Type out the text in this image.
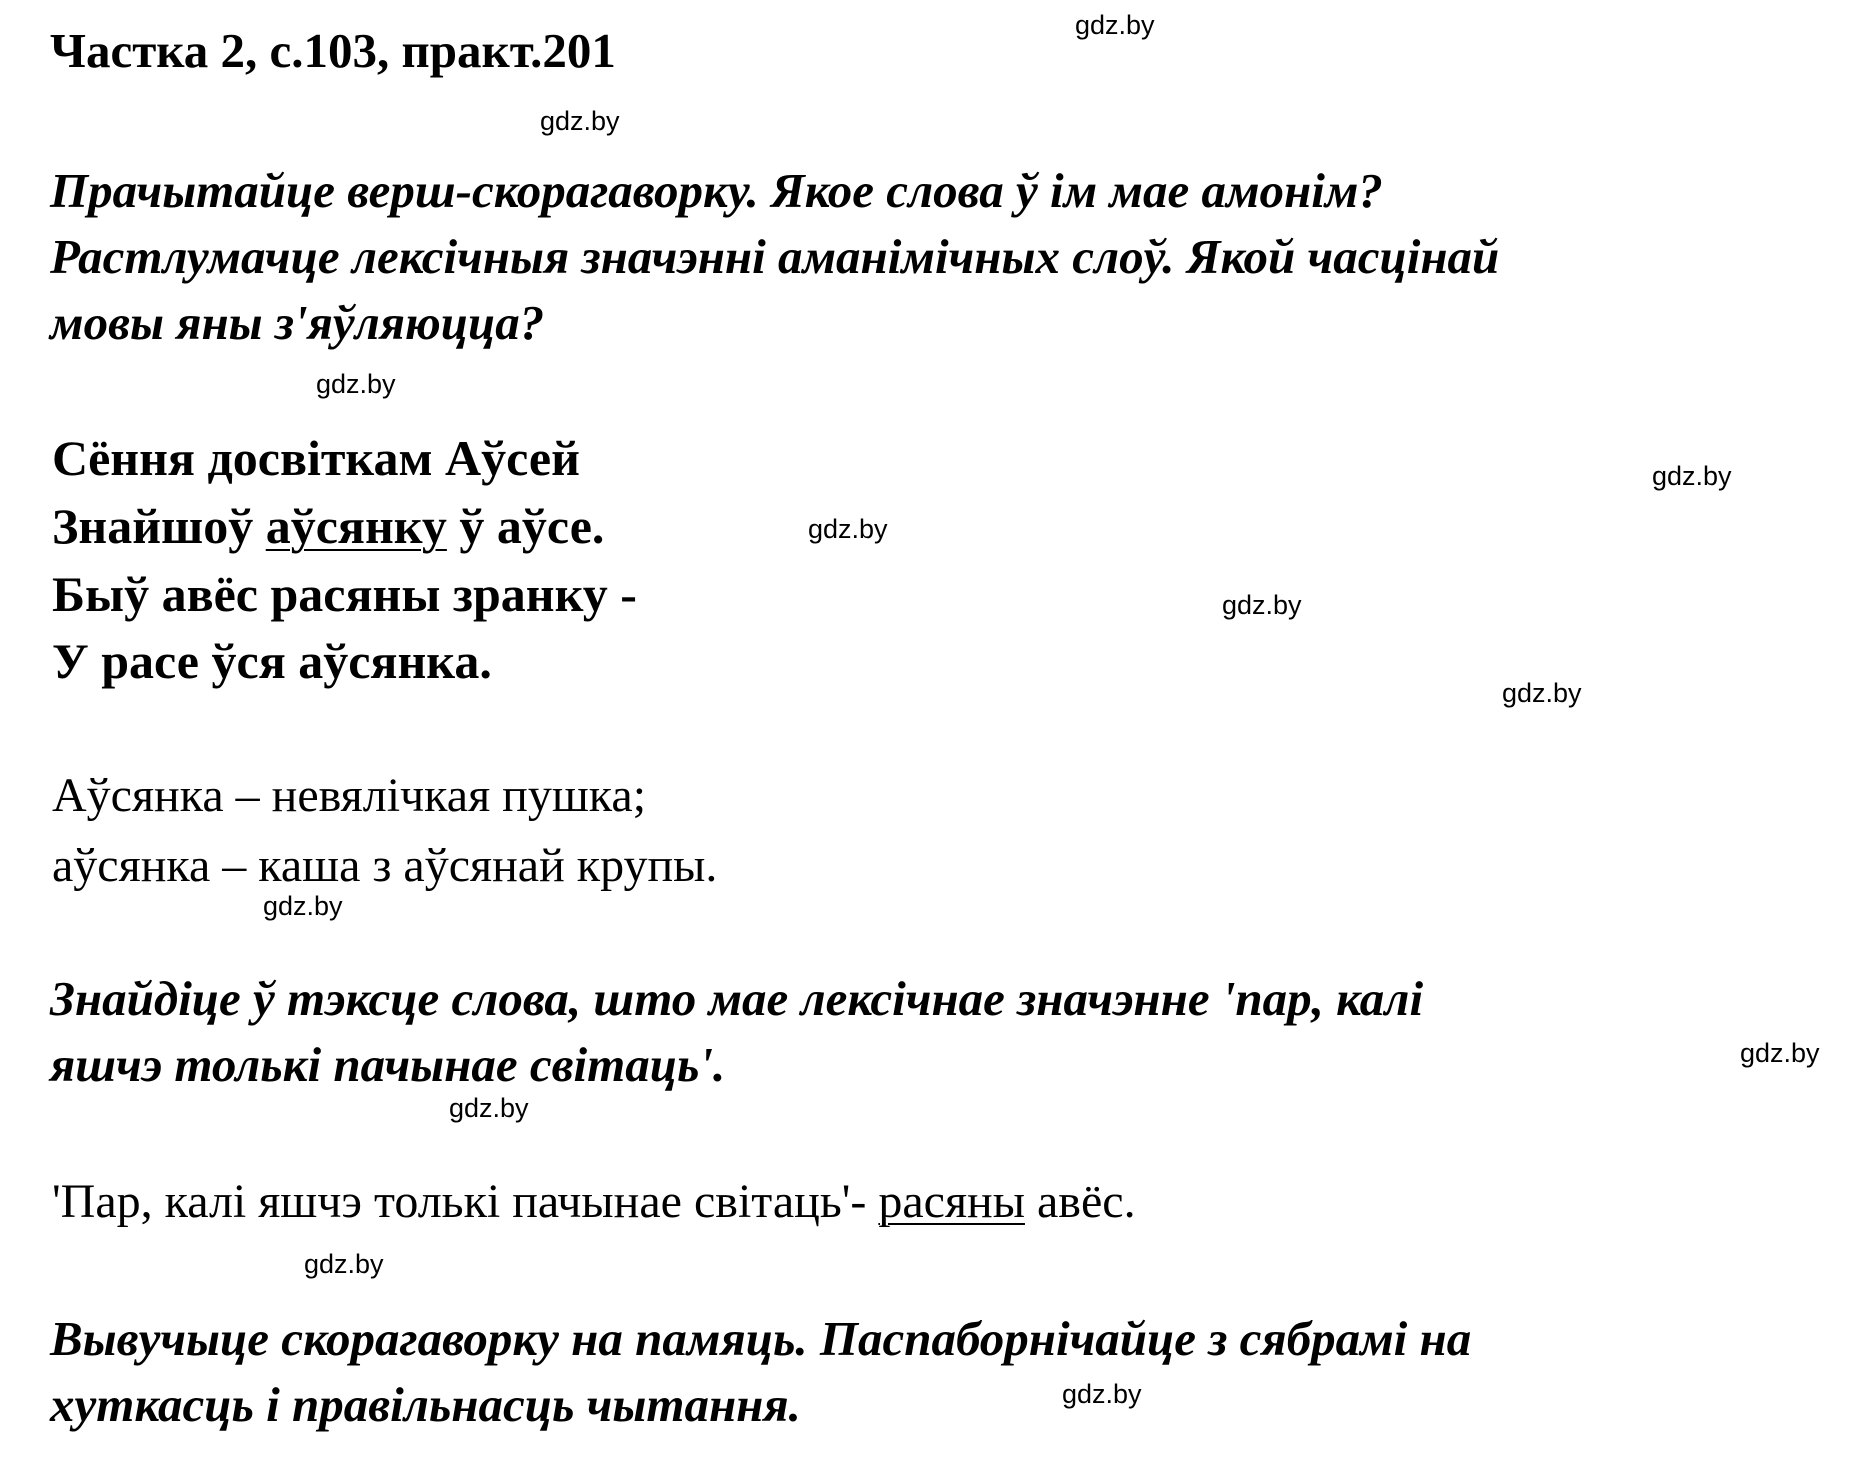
Частка 2, с.103, практ.201
Прачытайце верш-скорагаворку. Якое слова ў ім мае амонім?
Растлумачце лексічныя значэнні аманімічных слоў. Якой часцінай
мовы яны з'яўляюцца?
Сёння досвіткам Аўсей
Знайшоў аўсянку ў аўсе.
Быў авёс расяны зранку -
У расе ўся аўсянка.
Аўсянка – невялічкая пушка;
аўсянка – каша з аўсянай крупы.
Знайдіце ў тэксце слова, што мае лексічнае значэнне 'пар, калі
яшчэ толькі пачынае світаць'.
'Пар, калі яшчэ толькі пачынае світаць'- расяны авёс.
Вывучыце скорагаворку на памяць. Паспаборнічайце з сябрамі на
хуткасць і правільнасць чытання.
gdz.by
gdz.by
gdz.by
gdz.by
gdz.by
gdz.by
gdz.by
gdz.by
gdz.by
gdz.by
gdz.by
gdz.by
